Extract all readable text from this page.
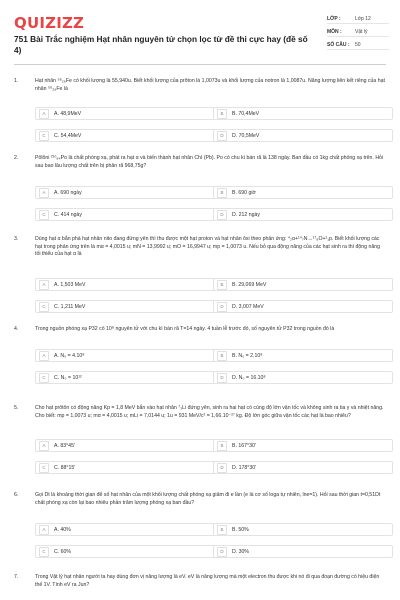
QUIZIZZ
751 Bài Trắc nghiệm Hạt nhân nguyên tử chọn lọc từ đề thi cực hay (đề số 4)
LỚP :	Lớp 12
MÔN :	Vật lý
SỐ CÂU :	50
1.	Hạt nhân ⁵⁶₂₆Fe có khối lượng là 55,940u. Biết khối lượng của prôton là 1,0073u và khối lượng của notron là 1,0087u. Năng lượng liên kết riêng của hạt nhân ⁵⁶₂₆Fe là
A	A. 48,9MeV	B	B. 70,4MeV
C	C. 54,4MeV	D	D. 70,5MeV
2.	Pôlôni ²¹⁰₈₄Po là chất phóng xạ, phát ra hạt α và biến thành hạt nhân Chì (Pb). Po có chu kì bán rã là 138 ngày. Ban đầu có 1kg chất phóng xạ trên. Hỏi sau bao lâu lượng chất trên bị phân rã 968,75g?
A	A. 690 ngày	B	B. 690 giờ
C	C. 414 ngày	D	D. 212 ngày
3.	Dùng hạt α bắn phá hạt nhân nito đang đứng yên thì thu được một hạt proton và hạt nhân ôxi theo phản ứng: ⁴₂α+¹⁴₇N→¹⁷₈O+¹₁p. Biết khối lượng các hạt trong phản ứng trên là mα = 4,0015 u; mN = 13,9992 u; mO = 16,9947 u; mp = 1,0073 u. Nếu bỏ qua động năng của các hạt sinh ra thì động năng tối thiểu của hạt α là
A	A. 1,503 MeV	B	B. 29,069 MeV
C	C. 1,211 MeV	D	D. 3,007 MeV
4.	Trong nguồn phóng xạ P32 có 10⁸ nguyên tử với chu kì bán rã T=14 ngày. 4 tuần lễ trước đó, số nguyên tử P32 trong nguồn đó là
A	A. N₀ = 4.10⁸	B	B. N₀ = 2.10⁸
C	C. N₀ = 10¹²	D	D. N₀ = 16.10⁸
5.	Cho hạt prôtôn có động năng Kp = 1,8 MeV bắn vào hạt nhân ⁷₃Li đứng yên, sinh ra hai hạt có cùng độ lớn vận tốc và không sinh ra tia γ và nhiệt năng. Cho biết: mp = 1,0073 u; mα = 4,0015 u; mLi = 7,0144 u; 1u = 931 MeV/c² = 1,66.10⁻²⁷ kg. Độ lớn góc giữa vận tốc các hạt là bao nhiêu?
A	A. 83°45′	B	B. 167°30′
C	C. 88°15′	D	D. 178°30′
6.	Gọi Dt là khoảng thời gian để số hạt nhân của một khối lượng chất phóng xạ giảm đi e lần (e là cơ số loga tự nhiên, lne=1). Hỏi sau thời gian t=0,51Dt chất phóng xạ còn lại bao nhiêu phần trăm lượng phóng xạ ban đầu?
A	A. 40%	B	B. 50%
C	C. 60%	D	D. 30%
7.	Trong Vật lý hạt nhân người ta hay dùng đơn vị năng lượng là eV. eV là năng lượng mà một electron thu được khi nó đi qua đoạn đường có hiệu điện thế 1V. Tính eV ra Jun?
